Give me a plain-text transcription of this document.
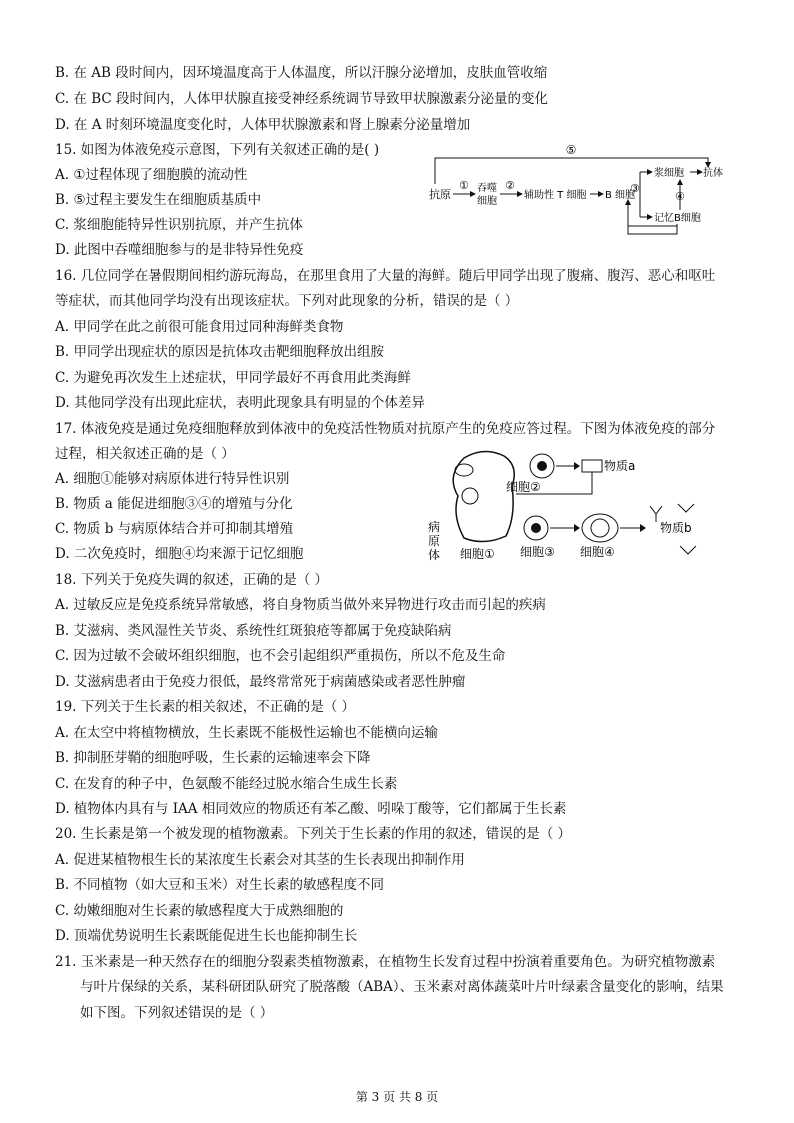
B. 在 AB 段时间内，因环境温度高于人体温度，所以汗腺分泌增加，皮肤血管收缩
C. 在 BC 段时间内，人体甲状腺直接受神经系统调节导致甲状腺激素分泌量的变化
D. 在 A 时刻环境温度变化时，人体甲状腺激素和肾上腺素分泌量增加
15. 如图为体液免疫示意图，下列有关叙述正确的是( )
A. ①过程体现了细胞膜的流动性
B. ⑤过程主要发生在细胞质基质中
C. 浆细胞能特异性识别抗原，并产生抗体
D. 此图中吞噬细胞参与的是非特异性免疫
16. 几位同学在暑假期间相约游玩海岛，在那里食用了大量的海鲜。随后甲同学出现了腹痛、腹泻、恶心和呕吐
等症状，而其他同学均没有出现该症状。下列对此现象的分析，错误的是（ ）
A. 甲同学在此之前很可能食用过同种海鲜类食物
B. 甲同学出现症状的原因是抗体攻击靶细胞释放出组胺
C. 为避免再次发生上述症状，甲同学最好不再食用此类海鲜
D. 其他同学没有出现此症状，表明此现象具有明显的个体差异
17. 体液免疫是通过免疫细胞释放到体液中的免疫活性物质对抗原产生的免疫应答过程。下图为体液免疫的部分
过程，相关叙述正确的是（ ）
A. 细胞①能够对病原体进行特异性识别
B. 物质 a 能促进细胞③④的增殖与分化
C. 物质 b 与病原体结合并可抑制其增殖
D. 二次免疫时，细胞④均来源于记忆细胞
18. 下列关于免疫失调的叙述，正确的是（ ）
A. 过敏反应是免疫系统异常敏感，将自身物质当做外来异物进行攻击而引起的疾病
B. 艾滋病、类风湿性关节炎、系统性红斑狼疮等都属于免疫缺陷病
C. 因为过敏不会破坏组织细胞，也不会引起组织严重损伤，所以不危及生命
D. 艾滋病患者由于免疫力很低，最终常常死于病菌感染或者恶性肿瘤
19. 下列关于生长素的相关叙述，不正确的是（ ）
A. 在太空中将植物横放，生长素既不能极性运输也不能横向运输
B. 抑制胚芽鞘的细胞呼吸，生长素的运输速率会下降
C. 在发育的种子中，色氨酸不能经过脱水缩合生成生长素
D. 植物体内具有与 IAA 相同效应的物质还有苯乙酸、吲哚丁酸等，它们都属于生长素
20. 生长素是第一个被发现的植物激素。下列关于生长素的作用的叙述，错误的是（ ）
A. 促进某植物根生长的某浓度生长素会对其茎的生长表现出抑制作用
B. 不同植物（如大豆和玉米）对生长素的敏感程度不同
C. 幼嫩细胞对生长素的敏感程度大于成熟细胞的
D. 顶端优势说明生长素既能促进生长也能抑制生长
21. 玉米素是一种天然存在的细胞分裂素类植物激素，在植物生长发育过程中扮演着重要角色。为研究植物激素
与叶片保绿的关系，某科研团队研究了脱落酸（ABA）、玉米素对离体蔬菜叶片叶绿素含量变化的影响，结果
如下图。下列叙述错误的是（ ）
⑤
抗原
① 吞噬
细胞
②
辅助性 T 细胞 B 细胞
③
④
浆细胞 抗体
记忆B细胞
病
原
体 细胞①
细胞②
物质a
细胞③ 细胞④
物质b
第 3 页 共 8 页
